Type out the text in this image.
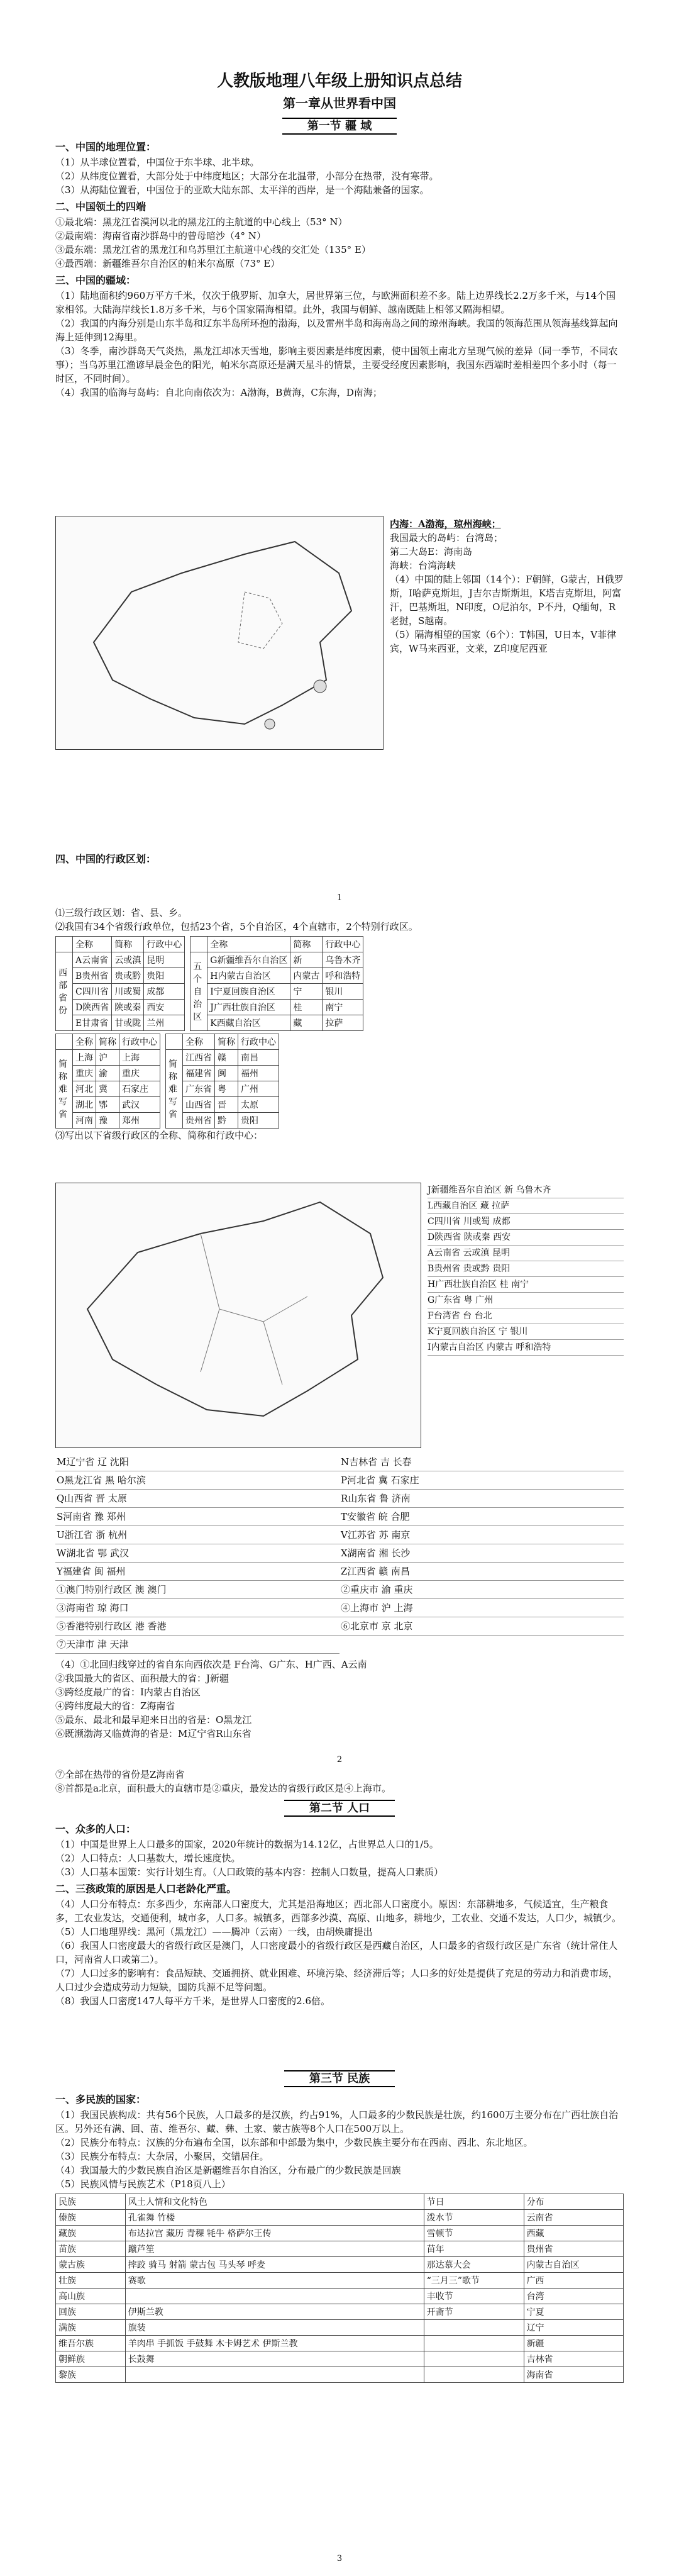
人教版地理八年级上册知识点总结
第一章从世界看中国
第一节 疆 域
一、中国的地理位置：

（1）从半球位置看，中国位于东半球、北半球。

（2）从纬度位置看，大部分处于中纬度地区；大部分在北温带，小部分在热带，没有寒带。

（3）从海陆位置看，中国位于的亚欧大陆东部、太平洋的西岸，是一个海陆兼备的国家。

二、中国领土的四端

①最北端：黑龙江省漠河以北的黑龙江的主航道的中心线上（53° N）

②最南端：海南省南沙群岛中的曾母暗沙（4° N）

③最东端：黑龙江省的黑龙江和乌苏里江主航道中心线的交汇处（135° E）

④最西端：新疆维吾尔自治区的帕米尔高原（73° E）

三、中国的疆域：

（1）陆地面积约960万平方千米，仅次于俄罗斯、加拿大，居世界第三位，与欧洲面积差不多。陆上边界线长2.2万多千米，与14个国家相邻。大陆海岸线长1.8万多千米，与6个国家隔海相望。此外，我国与朝鲜、越南既陆上相邻又隔海相望。

（2）我国的内海分别是山东半岛和辽东半岛所环抱的渤海，以及雷州半岛和海南岛之间的琼州海峡。我国的领海范围从领海基线算起向海上延伸到12海里。

（3）冬季，南沙群岛天气炎热，黑龙江却冰天雪地，影响主要因素是纬度因素，使中国领土南北方呈现气候的差异（同一季节，不同农事）；当乌苏里江渔谚早晨金色的阳光，帕米尔高原还是满天星斗的情景，主要受经度因素影响，我国东西端时差相差四个多小时（每一时区，不同时间）。

（4）我国的临海与岛屿：自北向南依次为：A渤海，B黄海，C东海，D南海；

内海：A渤海，琼州海峡；

我国最大的岛屿：台湾岛；

第二大岛E：海南岛

海峡：台湾海峡

（4）中国的陆上邻国（14个）：F朝鲜，G蒙古，H俄罗斯，I哈萨克斯坦，J吉尔吉斯斯坦，K塔吉克斯坦，阿富汗，巴基斯坦，N印度，O尼泊尔，P不丹，Q缅甸，R老挝，S越南。

（5）隔海相望的国家（6个）：T韩国，U日本，V菲律宾，W马来西亚，文莱，Z印度尼西亚

四、中国的行政区划：
1

⑴三级行政区划：省、县、乡。

⑵我国有34个省级行政单位，包括23个省，5个自治区，4个直辖市，2个特别行政区。

	全称	简称	行政中心
西部省份	A云南省	云或滇	昆明
	B贵州省	贵或黔	贵阳
	C四川省	川或蜀	成都
	D陕西省	陕或秦	西安
	E甘肃省	甘或陇	兰州
	全称	简称	行政中心
五个自治区	G新疆维吾尔自治区	新	乌鲁木齐
	H内蒙古自治区	内蒙古	呼和浩特
	I宁夏回族自治区	宁	银川
	J广西壮族自治区	桂	南宁
	K西藏自治区	藏	拉萨
	全称	简称	行政中心
简称难写省	上海	沪	上海
	重庆	渝	重庆
	河北	冀	石家庄
	湖北	鄂	武汉
	河南	豫	郑州
	全称	简称	行政中心
简称难写省	江西省	赣	南昌
	福建省	闽	福州
	广东省	粤	广州
	山西省	晋	太原
	贵州省	黔	贵阳

⑶写出以下省级行政区的全称、简称和行政中心：

J新疆维吾尔自治区 新 乌鲁木齐
L西藏自治区 藏 拉萨
C四川省 川或蜀 成都
D陕西省 陕或秦 西安
A云南省 云或滇 昆明
B贵州省 贵或黔 贵阳
H广西壮族自治区 桂 南宁
G广东省 粤 广州
F台湾省 台 台北
K宁夏回族自治区 宁 银川
I内蒙古自治区 内蒙古 呼和浩特
M辽宁省 辽 沈阳	N吉林省 吉 长春
O黑龙江省 黑 哈尔滨	P河北省 冀 石家庄
Q山西省 晋 太原	R山东省 鲁 济南
S河南省 豫 郑州	T安徽省 皖 合肥
U浙江省 浙 杭州	V江苏省 苏 南京
W湖北省 鄂 武汉	X湖南省 湘 长沙
Y福建省 闽 福州	Z江西省 赣 南昌
①澳门特别行政区 澳 澳门	②重庆市 渝 重庆
③海南省 琼 海口	④上海市 沪 上海
⑤香港特别行政区 港 香港	⑥北京市 京 北京
⑦天津市 津 天津

（4）①北回归线穿过的省自东向西依次是 F台湾、G广东、H广西、A云南

②我国最大的省区、面积最大的省：J新疆

③跨经度最广的省：I内蒙古自治区

④跨纬度最大的省：Z海南省

⑤最东、最北和最早迎来日出的省是：O黑龙江

⑥既濒渤海又临黄海的省是：M辽宁省R山东省

2

⑦全部在热带的省份是Z海南省

⑧首都是a北京，面积最大的直辖市是②重庆，最发达的省级行政区是④上海市。

第二节 人口
一、众多的人口：

（1）中国是世界上人口最多的国家，2020年统计的数据为14.12亿，占世界总人口的1/5。

（2）人口特点：人口基数大，增长速度快。

（3）人口基本国策：实行计划生育。（人口政策的基本内容：控制人口数量，提高人口素质）

二、三孩政策的原因是人口老龄化严重。

（4）人口分布特点：东多西少，东南部人口密度大，尤其是沿海地区；西北部人口密度小。原因：东部耕地多，气候适宜，生产粮食多，工农业发达，交通便利，城市多，人口多。城镇多，西部多沙漠、高原、山地多，耕地少，工农业、交通不发达，人口少，城镇少。

（5）人口地理界线：黑河（黑龙江）——腾冲（云南）一线，由胡焕庸提出

（6）我国人口密度最大的省级行政区是澳门，人口密度最小的省级行政区是西藏自治区，人口最多的省级行政区是广东省（统计常住人口，河南省人口或第二）。

（7）人口过多的影响有：食品短缺、交通拥挤、就业困难、环境污染、经济滞后等；人口多的好处是提供了充足的劳动力和消费市场，人口过少会造成劳动力短缺，国防兵源不足等问题。

（8）我国人口密度147人每平方千米，是世界人口密度的2.6倍。

第三节 民族
一、多民族的国家：

（1）我国民族构成：共有56个民族，人口最多的是汉族，约占91%，人口最多的少数民族是壮族，约1600万主要分布在广西壮族自治区。另外还有满、回、苗、维吾尔、藏、彝、土家、蒙古族等8个人口在500万以上。

（2）民族分布特点：汉族的分布遍布全国，以东部和中部最为集中，少数民族主要分布在西南、西北、东北地区。

（3）民族分布特点：大杂居，小聚居，交错居住。

（4）我国最大的少数民族自治区是新疆维吾尔自治区，分布最广的少数民族是回族

（5）民族风情与民族艺术（P18页八上）

民族	风土人情和文化特色	节日	分布
傣族	孔雀舞 竹楼	泼水节	云南省
藏族	布达拉宫 藏历 青稞 牦牛 格萨尔王传	雪顿节	西藏
苗族	蹴芦笙	苗年	贵州省
蒙古族	摔跤 骑马 射箭 蒙古包 马头琴 呼麦	那达慕大会	内蒙古自治区
壮族	赛歌	“三月三”歌节	广西
高山族		丰收节	台湾
回族	伊斯兰教	开斋节	宁夏
满族	旗装		辽宁
维吾尔族	羊肉串 手抓饭 手鼓舞 木卡姆艺术 伊斯兰教		新疆
朝鲜族	长鼓舞		吉林省
黎族			海南省
3
